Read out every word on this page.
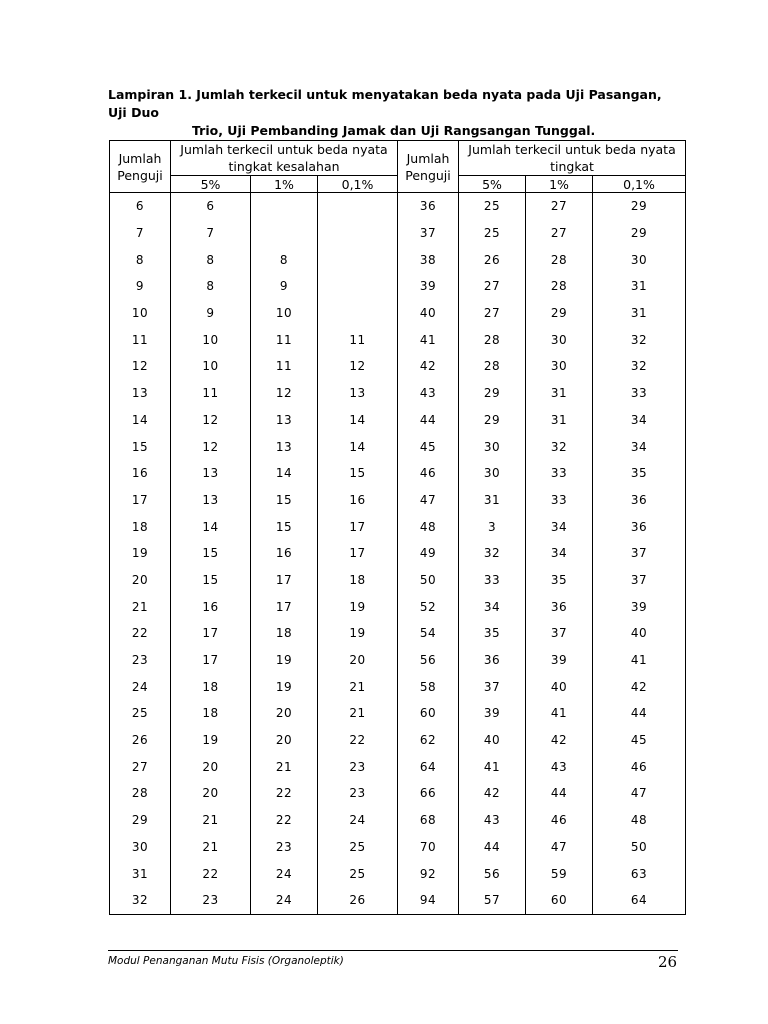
Lampiran 1. Jumlah terkecil untuk menyatakan beda nyata pada Uji Pasangan, Uji Duo
Trio, Uji Pembanding Jamak dan Uji Rangsangan Tunggal.
Jumlah Penguji	Jumlah terkecil untuk beda nyata tingkat kesalahan			Jumlah Penguji	Jumlah terkecil untuk beda nyata tingkat		
	5%	1%	0,1%		5%	1%	0,1%
6	6			36	25	27	29
7	7			37	25	27	29
8	8	8		38	26	28	30
9	8	9		39	27	28	31
10	9	10		40	27	29	31
11	10	11	11	41	28	30	32
12	10	11	12	42	28	30	32
13	11	12	13	43	29	31	33
14	12	13	14	44	29	31	34
15	12	13	14	45	30	32	34
16	13	14	15	46	30	33	35
17	13	15	16	47	31	33	36
18	14	15	17	48	3	34	36
19	15	16	17	49	32	34	37
20	15	17	18	50	33	35	37
21	16	17	19	52	34	36	39
22	17	18	19	54	35	37	40
23	17	19	20	56	36	39	41
24	18	19	21	58	37	40	42
25	18	20	21	60	39	41	44
26	19	20	22	62	40	42	45
27	20	21	23	64	41	43	46
28	20	22	23	66	42	44	47
29	21	22	24	68	43	46	48
30	21	23	25	70	44	47	50
31	22	24	25	92	56	59	63
32	23	24	26	94	57	60	64
Modul Penanganan Mutu Fisis (Organoleptik)	26
